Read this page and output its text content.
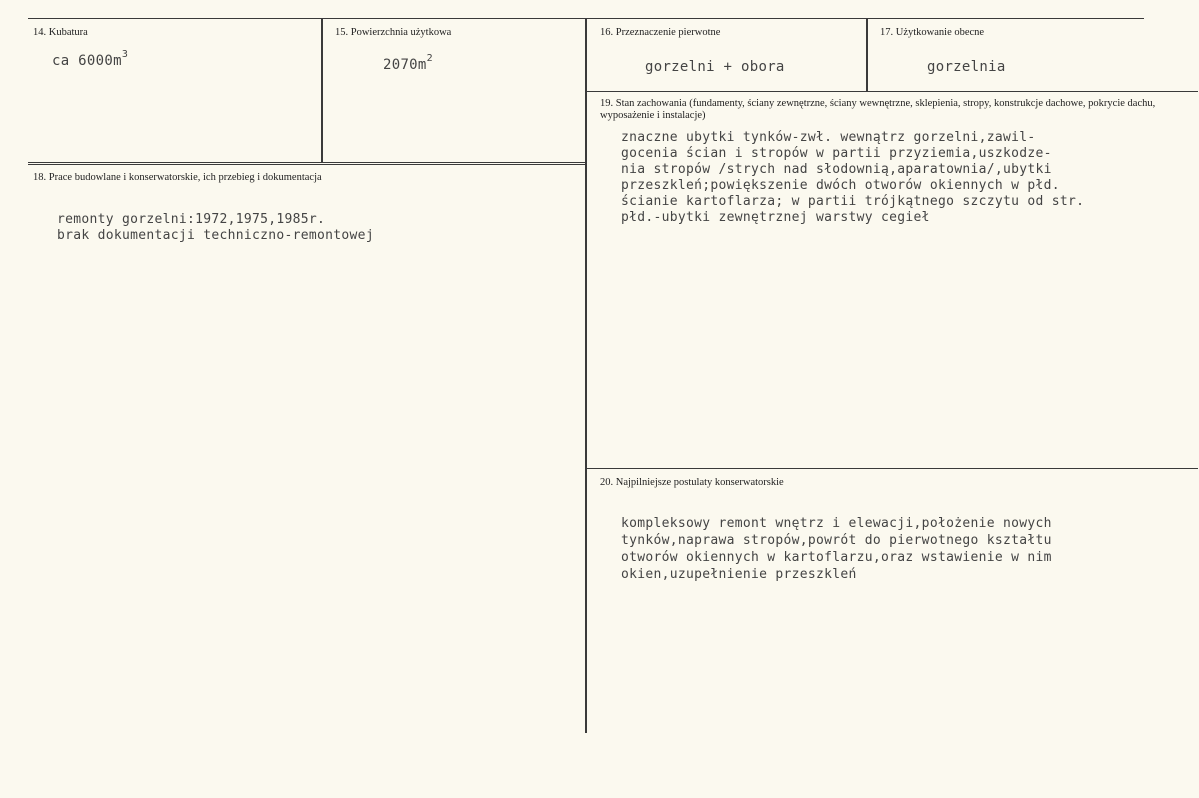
14. Kubatura
ca $6000m^3$
15. Powierzchnia użytkowa
$2070m^2$
16. Przeznaczenie pierwotne
gorzelni + obora
17. Użytkowanie obecne
gorzelnia
18. Prace budowlane i konserwatorskie, ich przebieg i dokumentacja
remonty gorzelni:1972,1975,1985r.
brak dokumentacji techniczno-remontowej
19. Stan zachowania (fundamenty, ściany zewnętrzne, ściany wewnętrzne, sklepienia, stropy, konstrukcje dachowe, pokrycie dachu, wyposażenie i instalacje)
znaczne ubytki tynków-zwł. wewnątrz gorzelni,zawil-
gocenia ścian i stropów w partii przyziemia,uszkodze-
nia stropów /strych nad słodownią,aparatownia/,ubytki
przeszkleń;powiększenie dwóch otworów okiennych w płd.
ścianie kartoflarza; w partii trójkątnego szczytu od str.
płd.-ubytki zewnętrznej warstwy cegieł
20. Najpilniejsze postulaty konserwatorskie
kompleksowy remont wnętrz i elewacji,położenie nowych
tynków,naprawa stropów,powrót do pierwotnego kształtu
otworów okiennych w kartoflarzu,oraz wstawienie w nim
okien,uzupełnienie przeszkleń
